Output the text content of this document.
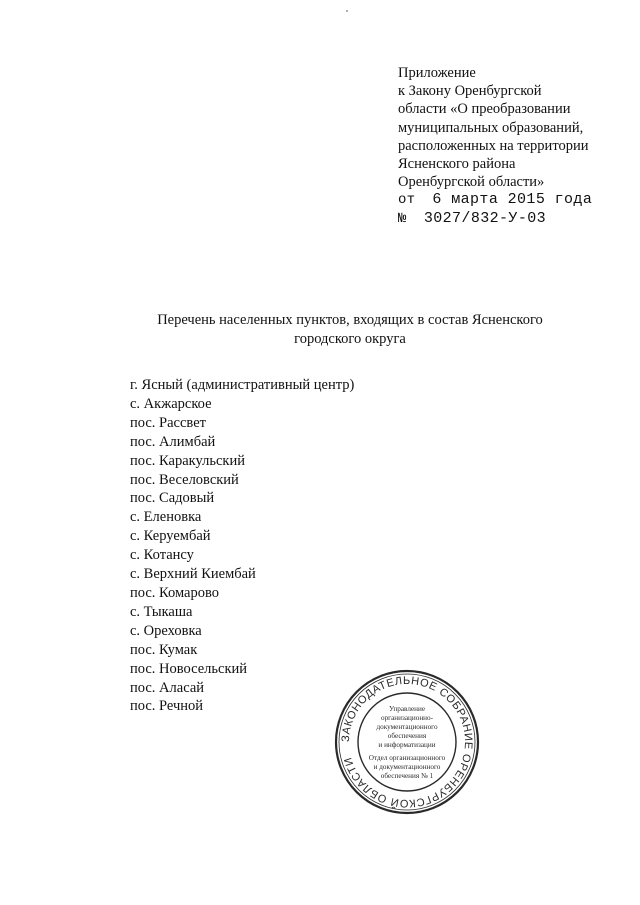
Приложение
к Закону Оренбургской
области «О преобразовании
муниципальных образований,
расположенных на территории
Ясненского района
Оренбургской области»
от 6 марта 2015 года
№ 3027/832-У-03
Перечень населенных пунктов, входящих в состав Ясненского
городского округа
г. Ясный (административный центр)
с. Акжарское
пос. Рассвет
пос. Алимбай
пос. Каракульский
пос. Веселовский
пос. Садовый
с. Еленовка
с. Керуембай
с. Котансу
с. Верхний Киембай
пос. Комарово
с. Тыкаша
с. Ореховка
пос. Кумак
пос. Новосельский
пос. Аласай
пос. Речной
ЗАКОНОДАТЕЛЬНОЕ СОБРАНИЕ ОРЕНБУРГСКОЙ ОБЛАСТИ
Управление
организационно-
документационного
обеспечения
и информатизации
Отдел организационного
и документационного
обеспечения № 1
